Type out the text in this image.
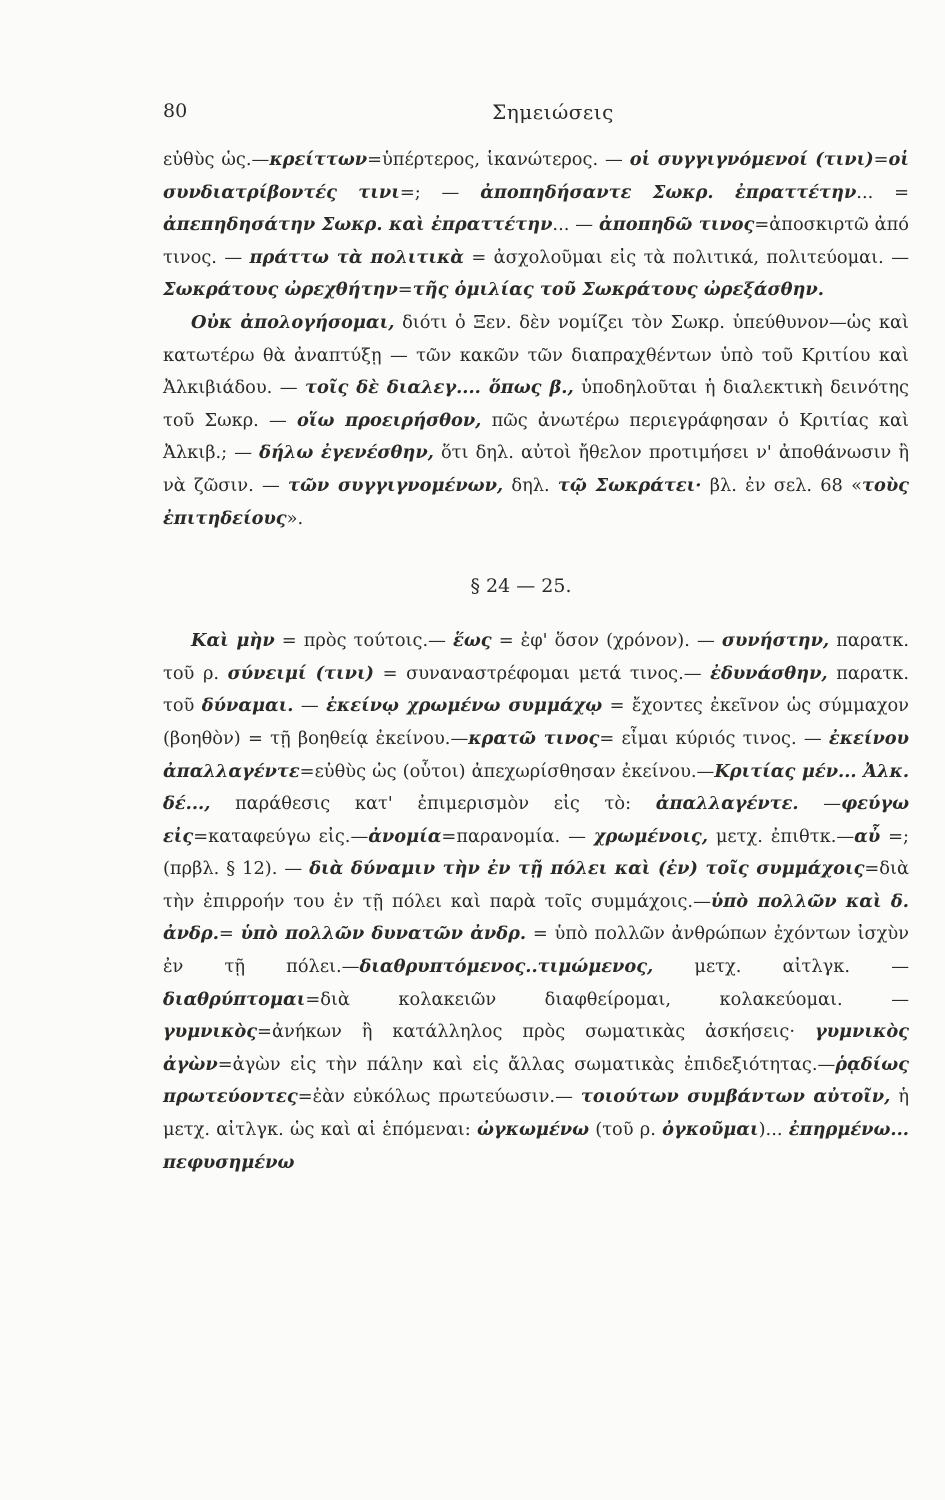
80	Σημειώσεις

εὐθὺς ὡς.—κρείττων=ὑπέρτερος, ἱκανώτερος. — οἱ συγγιγνόμενοί (τινι)=οἱ συνδιατρίβοντές τινι=; — ἀποπηδήσαντε Σωκρ. ἐπραττέτην... = ἀπεπηδησάτην Σωκρ. καὶ ἐπραττέτην... — ἀποπηδῶ τινος=ἀποσκιρτῶ ἀπό τινος. — πράττω τὰ πολιτικὰ = ἀσχολοῦμαι εἰς τὰ πολιτικά, πολιτεύομαι. — Σωκράτους ὠρεχθήτην=τῆς ὁμιλίας τοῦ Σωκράτους ὠρεξάσθην.

Οὐκ ἀπολογήσομαι, διότι ὁ Ξεν. δὲν νομίζει τὸν Σωκρ. ὑπεύθυνον—ὡς καὶ κατωτέρω θὰ ἀναπτύξῃ — τῶν κακῶν τῶν διαπραχθέντων ὑπὸ τοῦ Κριτίου καὶ Ἀλκιβιάδου. — τοῖς δὲ διαλεγ.... ὅπως β., ὑποδηλοῦται ἡ διαλεκτικὴ δεινότης τοῦ Σωκρ. — οἵω προειρήσθον, πῶς ἀνωτέρω περιεγράφησαν ὁ Κριτίας καὶ Ἀλκιβ.; — δήλω ἐγενέσθην, ὅτι δηλ. αὐτοὶ ἤθελον προτιμήσει ν' ἀποθάνωσιν ἢ νὰ ζῶσιν. — τῶν συγγιγνομένων, δηλ. τῷ Σωκράτει· βλ. ἐν σελ. 68 «τοὺς ἐπιτηδείους».

§ 24 — 25.

Καὶ μὴν = πρὸς τούτοις.— ἕως = ἐφ' ὅσον (χρόνον). — συνήστην, παρατκ. τοῦ ρ. σύνειμί (τινι) = συναναστρέφομαι μετά τινος.— ἐδυνάσθην, παρατκ. τοῦ δύναμαι. — ἐκείνῳ χρωμένω συμμάχῳ = ἔχοντες ἐκεῖνον ὡς σύμμαχον (βοηθὸν) = τῇ βοηθείᾳ ἐκείνου.—κρατῶ τινος= εἶμαι κύριός τινος. — ἐκείνου ἀπαλλαγέντε=εὐθὺς ὡς (οὗτοι) ἀπεχωρίσθησαν ἐκείνου.—Κριτίας μέν... Ἀλκ. δέ..., παράθεσις κατ' ἐπιμερισμὸν εἰς τὸ: ἀπαλλαγέντε. —φεύγω εἰς=καταφεύγω εἰς.—ἀνομία=παρανομία. — χρωμένοις, μετχ. ἐπιθτκ.—αὖ =; (πρβλ. § 12). — διὰ δύναμιν τὴν ἐν τῇ πόλει καὶ (ἐν) τοῖς συμμάχοις=διὰ τὴν ἐπιρροήν του ἐν τῇ πόλει καὶ παρὰ τοῖς συμμάχοις.—ὑπὸ πολλῶν καὶ δ. ἀνδρ.= ὑπὸ πολλῶν δυνατῶν ἀνδρ. = ὑπὸ πολλῶν ἀνθρώπων ἐχόντων ἰσχὺν ἐν τῇ πόλει.—διαθρυπτόμενος..τιμώμενος, μετχ. αἰτλγκ. —διαθρύπτομαι=διὰ κολακειῶν διαφθείρομαι, κολακεύομαι. — γυμνικὸς=ἀνήκων ἢ κατάλληλος πρὸς σωματικὰς ἀσκήσεις· γυμνικὸς ἀγὼν=ἀγὼν εἰς τὴν πάλην καὶ εἰς ἄλλας σωματικὰς ἐπιδεξιότητας.—ῥᾳδίως πρωτεύοντες=ἐὰν εὐκόλως πρωτεύωσιν.— τοιούτων συμβάντων αὐτοῖν, ἡ μετχ. αἰτλγκ. ὡς καὶ αἱ ἑπόμεναι: ὠγκωμένω (τοῦ ρ. ὀγκοῦμαι)... ἐπηρμένω... πεφυσημένω
